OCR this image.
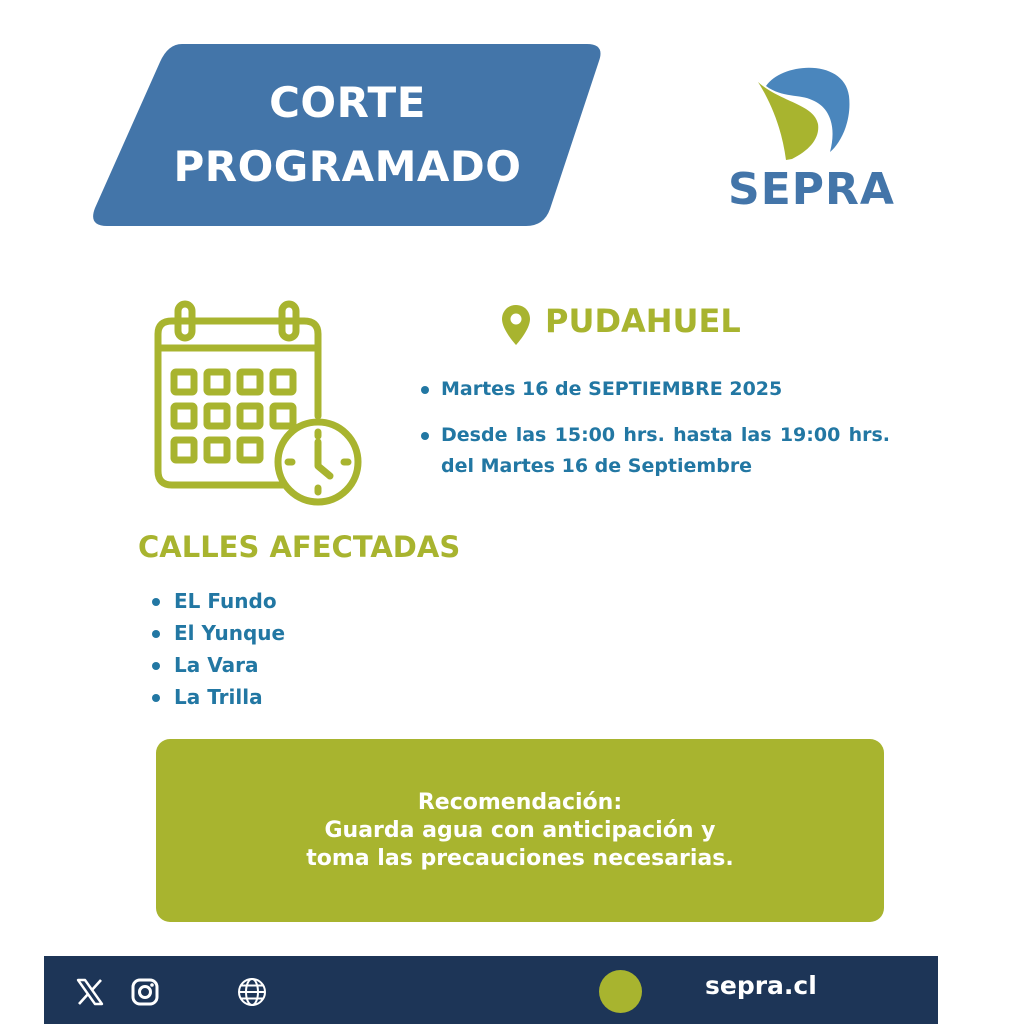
CORTE
PROGRAMADO	SEPRA
PUDAHUEL
Martes 16 de SEPTIEMBRE 2025
Desde las 15:00 hrs. hasta las 19:00 hrs. del Martes 16 de Septiembre
CALLES AFECTADAS
EL Fundo
El Yunque
La Vara
La Trilla
Recomendación:
Guarda agua con anticipación y
toma las precauciones necesarias.
sepra.cl
